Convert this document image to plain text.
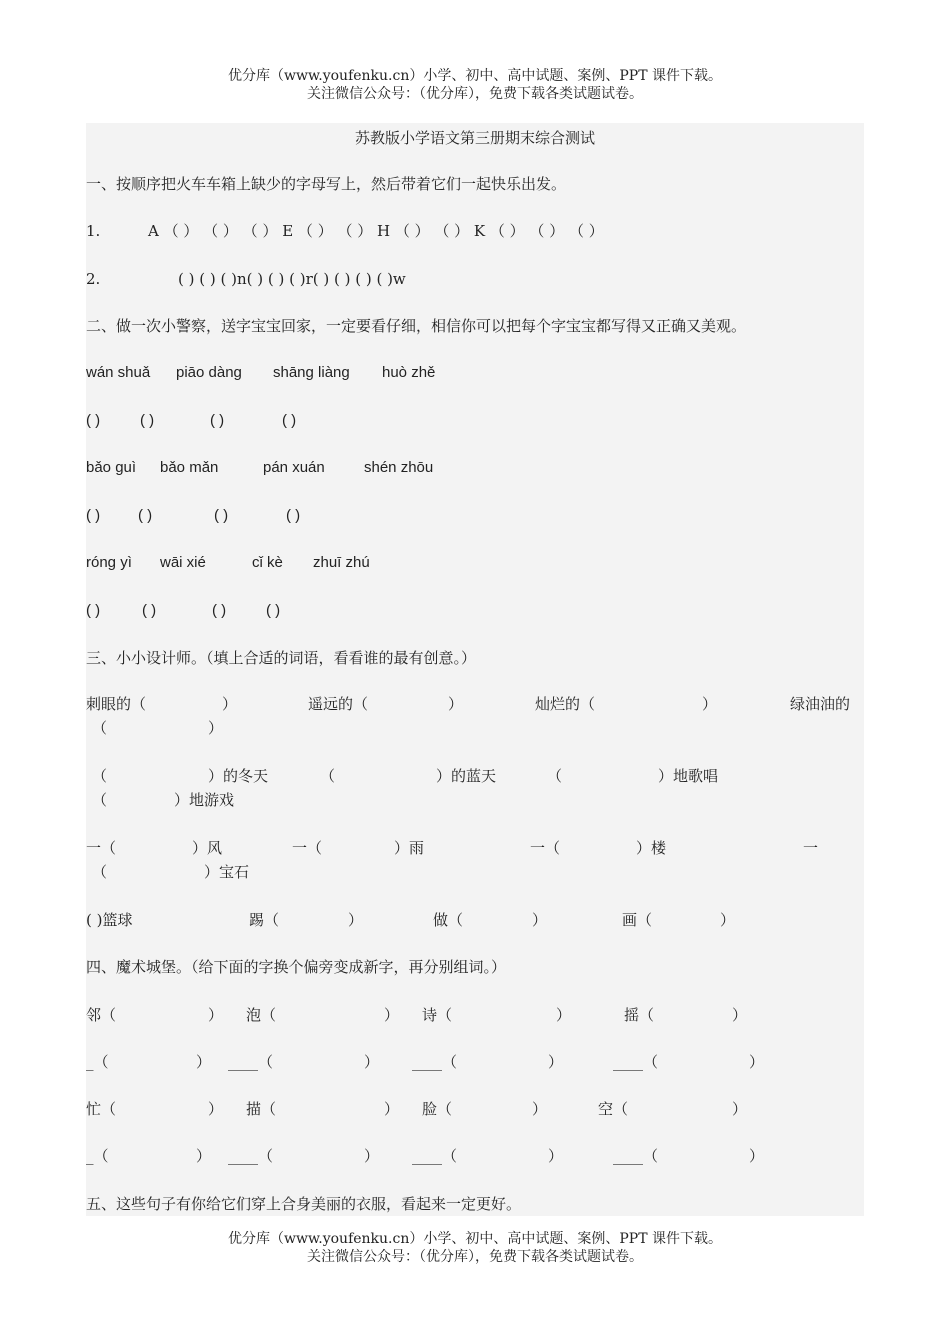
优分库（www.youfenku.cn）小学、初中、高中试题、案例、PPT 课件下载。
关注微信公众号：（优分库），免费下载各类试题试卷。
苏教版小学语文第三册期末综合测试
一、按顺序把火车车箱上缺少的字母写上，然后带着它们一起快乐出发。
1.	A （ ） （ ） （ ） E （ ） （ ） H （ ） （ ） K （ ） （ ） （ ）
2.	( ) ( ) ( )n( ) ( ) ( )r( ) ( ) ( ) ( )w
二、做一次小警察，送字宝宝回家，一定要看仔细，相信你可以把每个字宝宝都写得又正确又美观。
wán shuǎ piāo dàng shāng liàng huò zhě
( )	( )	( )	( )
bǎo guì bǎo mǎn	pán xuán	shén zhōu
( )	( )	( )	( )
róng yì wāi xié	cǐ kè zhuī zhú
( )	( )	( )	( )
三、小小设计师。（填上合适的词语，看看谁的最有创意。）
刺眼的（	）	遥远的（	）	灿烂的（	）	绿油油的
（	）
（	）的冬天	（	）的蓝天	（	）地歌唱
（	）地游戏
一（	）风	一（	）雨	一（	）楼	一
（	）宝石
( )篮球	踢（	）	做（	）	画（	）
四、魔术城堡。（给下面的字换个偏旁变成新字，再分别组词。）
邻（	） 泡（	） 诗（	）	摇（	）
_（	） ____（	） ____（	）	____（	）
忙（	） 描（	） 脸（	）	空（	）
_（	） ____（	） ____（	）	____（	）
五、这些句子有你给它们穿上合身美丽的衣服，看起来一定更好。
优分库（www.youfenku.cn）小学、初中、高中试题、案例、PPT 课件下载。
关注微信公众号：（优分库），免费下载各类试题试卷。
